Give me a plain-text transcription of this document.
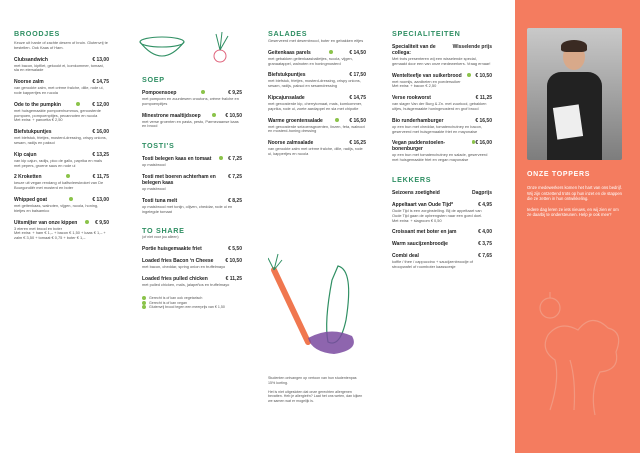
BROODJES
Keuze uit harde of zachte desem of bruin. Glutenvrij te bestellen. Ook Kaas of Ham.
Clubsandwich	€ 13,00
met bacon, kipfilet, gekookt ei, komkommer, tomaat, sla en eiersalade
Noorse zalm	€ 14,75
van gerookte zalm, met crème fraîche, dille, rode ui, rode kappertjes en rucola
Ode to the pumpkin	€ 12,00
met huisgemaakte pompoenhummus, geroosterde pompoen, pompoenpitjes, pecannoten en rucola
Met extra: + pancetta € 2,50
Biefstukpuntjes	€ 16,00
met biefstuk, frietjes, mosterd-dressing, crispy onions, sesam, radijs en paksoi
Kip cajun	€ 13,25
van kip cajun, radijs, pico de gallo, paprika en maïs met pepers, groene saus en rode ui
2 Kroketten	€ 11,75
keuze uit vegan rendang of kalfsvleeskroket van De Bourgondiër met mosterd en boter
Whipped goat	€ 13,00
met geitenkaas, walnoten, vijgen, rucola, honing, bietjes en balsamico
Uitsmijter van onze kippen	€ 9,50
3 eieren met brood en boter
Met extra: + ham € 1,– + bacon € 1,50 + kaas € 1,– + zalm € 3,50 + tomaat € 0,75 + boter € 1,–
SOEP
Pompoensoep	€ 9,25
met pompoen en zuurdesem croutons, crème fraîche en pompoenpitjes
Minestrone maaltijdsoep	€ 10,50
met verse groenten en pasta, pesto, Parmezaanse kaas en brood
TOSTI'S
Tosti belegen kaas en tomaat	€ 7,25
op maisbrood
Tosti met boeren achterham en belegen kaas
€ 7,25
op maisbrood
Tosti tuna melt	€ 8,25
op maisbrood met tonijn, olijven, cheddar, rode ui en ingelegde tomaat
TO SHARE
(of niet voor jou alleen)
Portie huisgemaakte friet	€ 5,50
Loaded fries Bacon ‘n Cheese € 10,50
met bacon, cheddar, spring onion en truffelmayo
Loaded fries pulled chicken	€ 11,25
met pulled chicken, maïs, jalapeños en truffelmayo
Gerecht is of kan ook vegetarisch
Gerecht is of kan vegan
Glutenvrij brood tegen een meerprijs van € 1,50
SALADES
Geserveerd met desembrood, boter en gebakken eitjes
Geitenkaas parels	€ 14,50
met gebakken geitenkaasballetjes, rucola, vijgen, granaatappel, walnoten en honingmosterd
Biefstukpuntjes	€ 17,50
met biefstuk, frietjes, mosterd-dressing, crispy onions, sesam, radijs, paksoi en sesamdressing
Kipcajunsalade	€ 14,75
met geroosterde kip, cherrytomaat, mais, komkommer, paprika, rode ui, zoete aardappel en sla met chipotle
Warme groentensalade	€ 16,50
met geroosterde seizoensgroenten, linzen, feta, walnoot en mosterd-honing dressing
Noorse zalmsalade	€ 16,25
van gerookte zalm met crème fraîche, dille, radijs, rode ui, kappertjes en rucola
Studenten ontvangen op vertoon van hun studentenpas 15% korting.
Het is niet uitgesloten dat onze gerechten allergenen bevatten. Heb je allergieën? Laat het ons weten, dan kijken we samen wat er mogelijk is.
SPECIALITEITEN
Specialiteit van de collega:
Wisselende prijs
Met trots presenteren wij een wisselende special, gemaakt door een van onze medewerkers. Vraag ernaar!
Wentelteefje van suikerbrood	€ 10,50
met roomijs, aardbeien en poedersuiker
Met extra: + bacon € 2,50
Verse rookworst	€ 11,25
van slager Van der Burg & Zn. met zuurkool, gebakken uitjes, huisgemaakte honingmosterd en grof brood
Bio runderhamburger	€ 16,50
op een bun met cheddar, tomatenchutney en bacon, geserveerd met huisgemaakte friet en mayonaise
Vegan paddenstoelen-bonenburger
€ 16,00
op een bun met tomatenchutney en salade, geserveerd met huisgemaakte friet en vegan mayonaise
LEKKERS
Seizoens zoetigheid	Dagprijs
Appeltaart van Oude Tijd*	€ 4,95
Oude Tijd is een zorginstelling. Bij de appeltaart van Oude Tijd gaan de opbrengsten naar een goed doel.
Met extra: + slagroom € 0,50
Croissant met boter en jam	€ 4,00
Warm saucijzenbroodje	€ 3,75
Combi deal	€ 7,65
koffie / thee / cappuccino + saucijzenbroodje of stroopwafel of roomboter kaassoesje
ONZE TOPPERS
Onze medewerkers komen het hart van ons bedrijf. Wij zijn ontzettend trots op hun inzet en de stappen die ze zetten in hun ontwikkeling.
Iedere dag leren ze iets nieuws, en wij zien er om ze daarbij te ondersteunen. Help je ook mee?
